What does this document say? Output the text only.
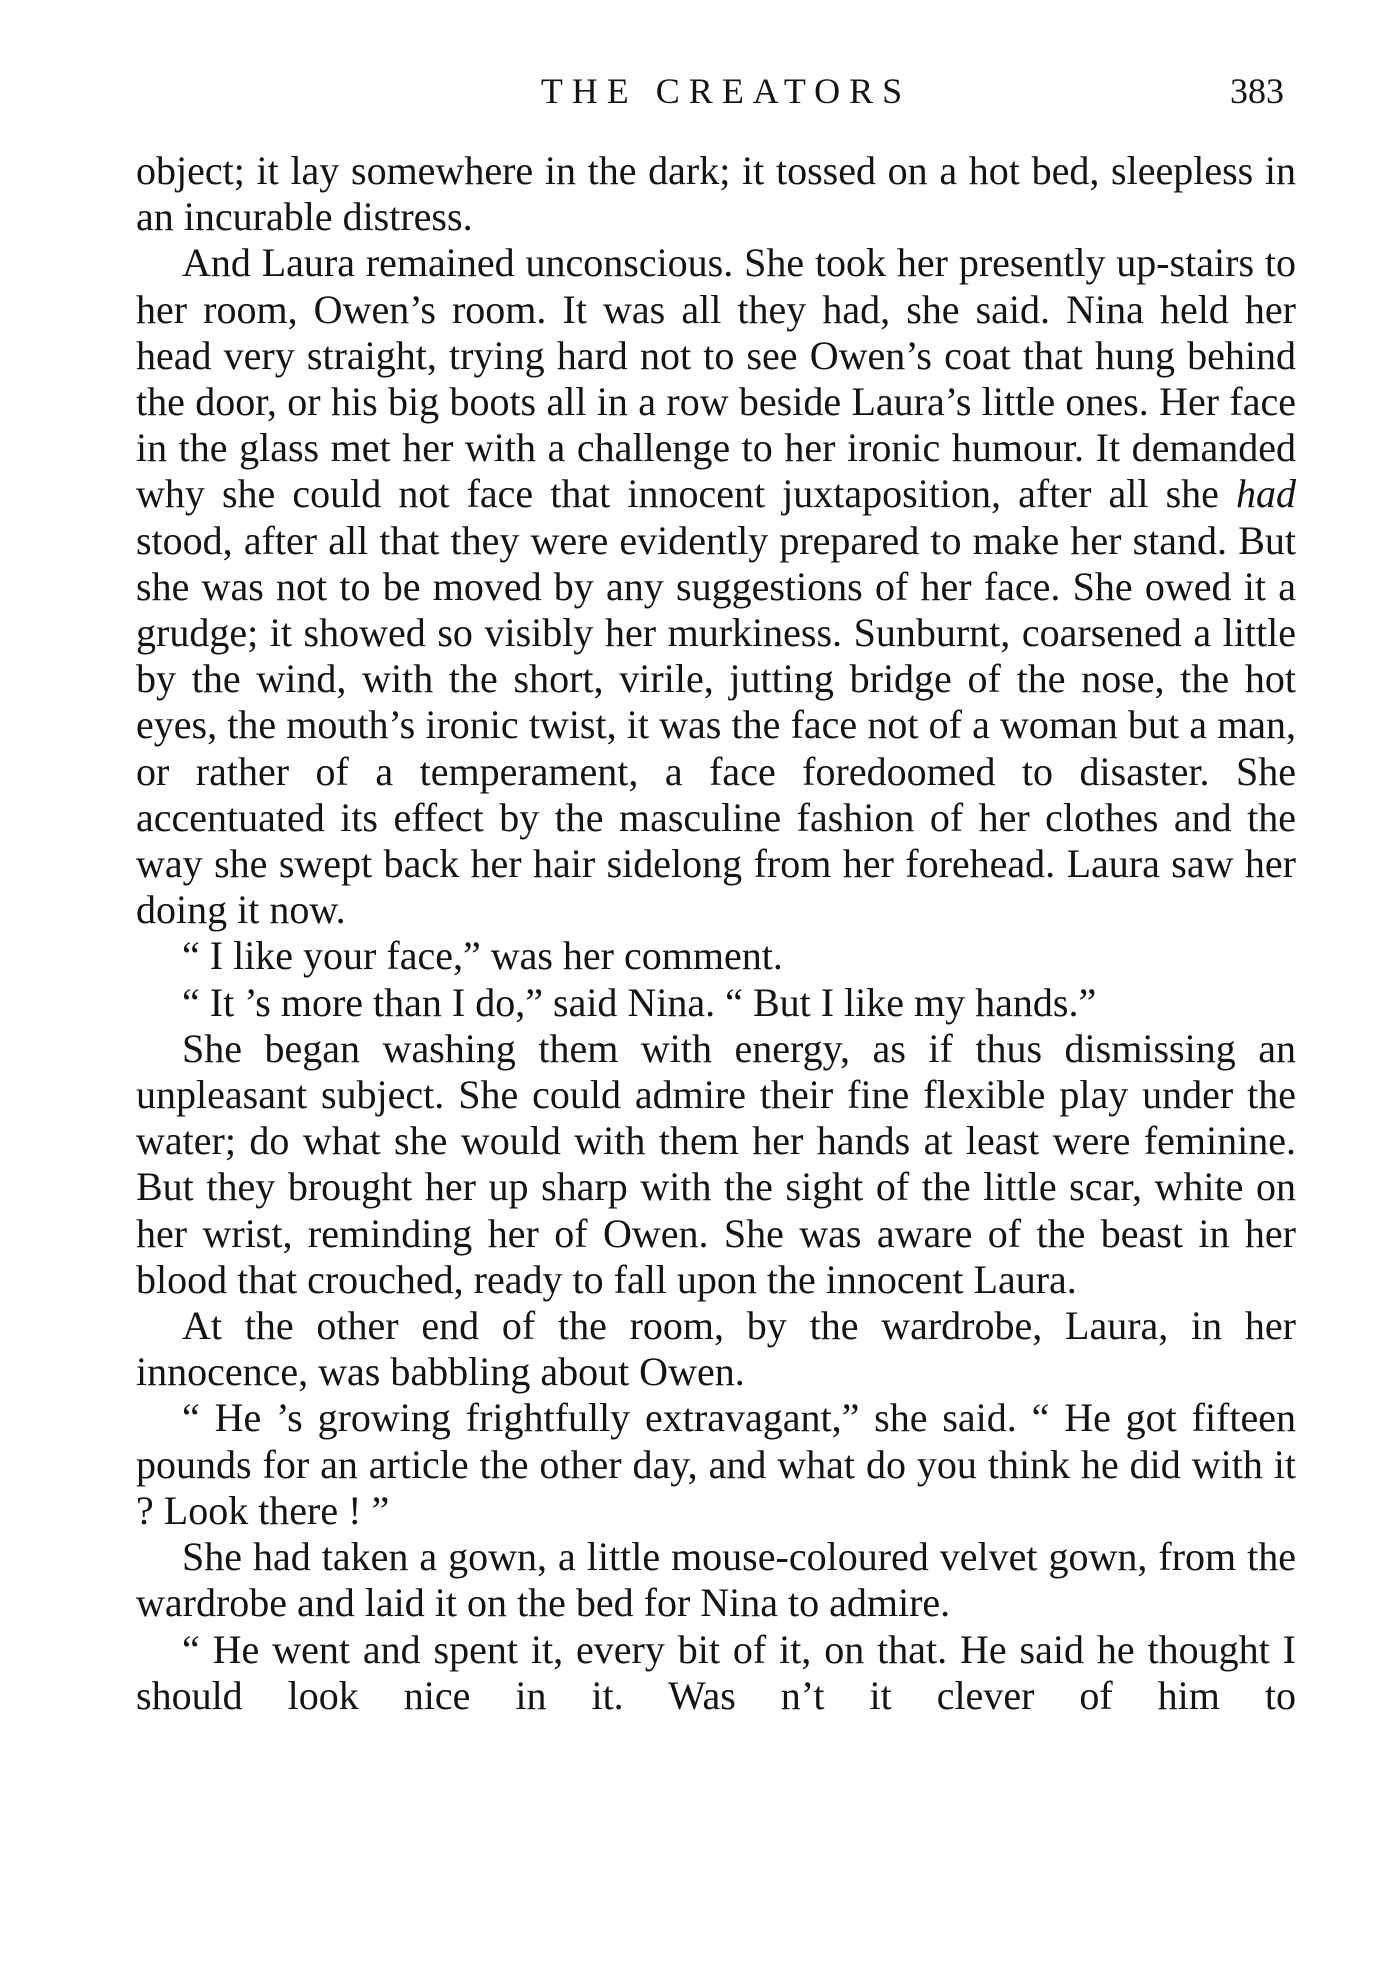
THE CREATORS	383

object; it lay somewhere in the dark; it tossed on a hot bed, sleepless in an incurable distress.

And Laura remained unconscious. She took her presently up-stairs to her room, Owen’s room. It was all they had, she said. Nina held her head very straight, trying hard not to see Owen’s coat that hung behind the door, or his big boots all in a row beside Laura’s little ones. Her face in the glass met her with a challenge to her ironic humour. It demanded why she could not face that innocent juxtaposition, after all she had stood, after all that they were evidently prepared to make her stand. But she was not to be moved by any suggestions of her face. She owed it a grudge; it showed so visibly her murkiness. Sunburnt, coarsened a little by the wind, with the short, virile, jutting bridge of the nose, the hot eyes, the mouth’s ironic twist, it was the face not of a woman but a man, or rather of a temperament, a face foredoomed to disaster. She accentuated its effect by the masculine fashion of her clothes and the way she swept back her hair sidelong from her forehead. Laura saw her doing it now.

“ I like your face,” was her comment.

“ It ’s more than I do,” said Nina. “ But I like my hands.”

She began washing them with energy, as if thus dismissing an unpleasant subject. She could admire their fine flexible play under the water; do what she would with them her hands at least were feminine. But they brought her up sharp with the sight of the little scar, white on her wrist, reminding her of Owen. She was aware of the beast in her blood that crouched, ready to fall upon the innocent Laura.

At the other end of the room, by the wardrobe, Laura, in her innocence, was babbling about Owen.

“ He ’s growing frightfully extravagant,” she said. “ He got fifteen pounds for an article the other day, and what do you think he did with it ? Look there ! ”

She had taken a gown, a little mouse-coloured velvet gown, from the wardrobe and laid it on the bed for Nina to admire.

“ He went and spent it, every bit of it, on that. He said he thought I should look nice in it. Was n’t it clever of him to
